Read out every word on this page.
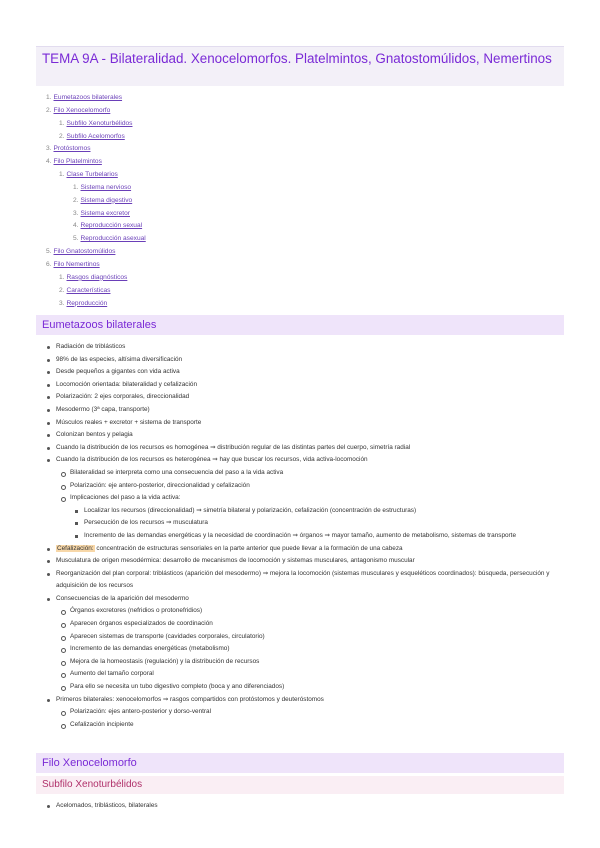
TEMA 9A - Bilateralidad. Xenocelomorfos. Platelmintos, Gnatostomúlidos, Nemertinos
1. Eumetazoos bilaterales
2. Filo Xenocelomorfo
1. Subfilo Xenoturbélidos
2. Subfilo Acelomorfos
3. Protóstomos
4. Filo Platelmintos
1. Clase Turbelarios
1. Sistema nervioso
2. Sistema digestivo
3. Sistema excretor
4. Reproducción sexual
5. Reproducción asexual
5. Filo Gnatostomúlidos
6. Filo Nemertinos
1. Rasgos diagnósticos
2. Características
3. Reproducción
Eumetazoos bilaterales
Radiación de triblásticos
98% de las especies, altísima diversificación
Desde pequeños a gigantes con vida activa
Locomoción orientada: bilateralidad y cefalización
Polarización: 2 ejes corporales, direccionalidad
Mesodermo (3ª capa, transporte)
Músculos reales + excretor + sistema de transporte
Colonizan bentos y pelagia
Cuando la distribución de los recursos es homogénea ⇒ distribución regular de las distintas partes del cuerpo, simetría radial
Cuando la distribución de los recursos es heterogénea ⇒ hay que buscar los recursos, vida activa-locomoción
Bilateralidad se interpreta como una consecuencia del paso a la vida activa
Polarización: eje antero-posterior, direccionalidad y cefalización
Implicaciones del paso a la vida activa:
Localizar los recursos (direccionalidad) ⇒ simetría bilateral y polarización, cefalización (concentración de estructuras)
Persecución de los recursos ⇒ musculatura
Incremento de las demandas energéticas y la necesidad de coordinación ⇒ órganos ⇒ mayor tamaño, aumento de metabolismo, sistemas de transporte
Cefalización: concentración de estructuras sensoriales en la parte anterior que puede llevar a la formación de una cabeza
Musculatura de origen mesodérmica: desarrollo de mecanismos de locomoción y sistemas musculares, antagonismo muscular
Reorganización del plan corporal: triblásticos (aparición del mesodermo) ⇒ mejora la locomoción (sistemas musculares y esqueléticos coordinados): búsqueda, persecución y adquisición de los recursos
Consecuencias de la aparición del mesodermo
Órganos excretores (nefridios o protonefridios)
Aparecen órganos especializados de coordinación
Aparecen sistemas de transporte (cavidades corporales, circulatorio)
Incremento de las demandas energéticas (metabolismo)
Mejora de la homeostasis (regulación) y la distribución de recursos
Aumento del tamaño corporal
Para ello se necesita un tubo digestivo completo (boca y ano diferenciados)
Primeros bilaterales: xenocelomorfos ⇒ rasgos compartidos con protóstomos y deuteróstomos
Polarización: ejes antero-posterior y dorso-ventral
Cefalización incipiente
Filo Xenocelomorfo
Subfilo Xenoturbélidos
Acelomados, triblásticos, bilaterales
